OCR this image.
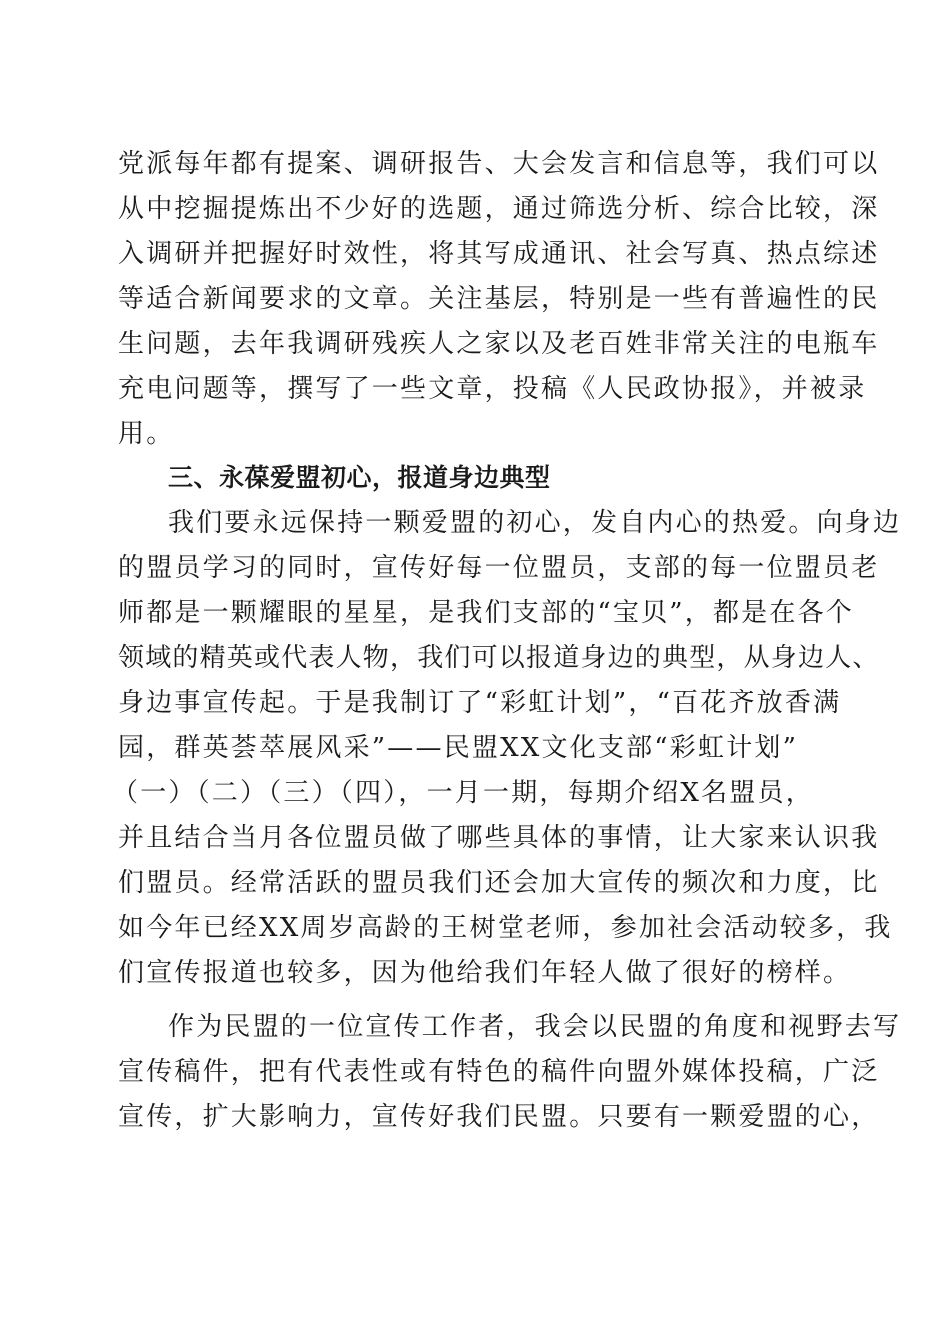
党派每年都有提案、调研报告、大会发言和信息等，我们可以
从中挖掘提炼出不少好的选题，通过筛选分析、综合比较，深
入调研并把握好时效性，将其写成通讯、社会写真、热点综述
等适合新闻要求的文章。关注基层，特别是一些有普遍性的民
生问题，去年我调研残疾人之家以及老百姓非常关注的电瓶车
充电问题等，撰写了一些文章，投稿《人民政协报》，并被录
用。
三、永葆爱盟初心，报道身边典型
我们要永远保持一颗爱盟的初心，发自内心的热爱。向身边
的盟员学习的同时，宣传好每一位盟员，支部的每一位盟员老
师都是一颗耀眼的星星，是我们支部的“宝贝”，都是在各个
领域的精英或代表人物，我们可以报道身边的典型，从身边人、
身边事宣传起。于是我制订了“彩虹计划”，“百花齐放香满
园，群英荟萃展风采”——民盟XX文化支部“彩虹计划”
（一）（二）（三）（四），一月一期，每期介绍X名盟员，
并且结合当月各位盟员做了哪些具体的事情，让大家来认识我
们盟员。经常活跃的盟员我们还会加大宣传的频次和力度，比
如今年已经XX周岁高龄的王树堂老师，参加社会活动较多，我
们宣传报道也较多，因为他给我们年轻人做了很好的榜样。
作为民盟的一位宣传工作者，我会以民盟的角度和视野去写
宣传稿件，把有代表性或有特色的稿件向盟外媒体投稿，广泛
宣传，扩大影响力，宣传好我们民盟。只要有一颗爱盟的心，
